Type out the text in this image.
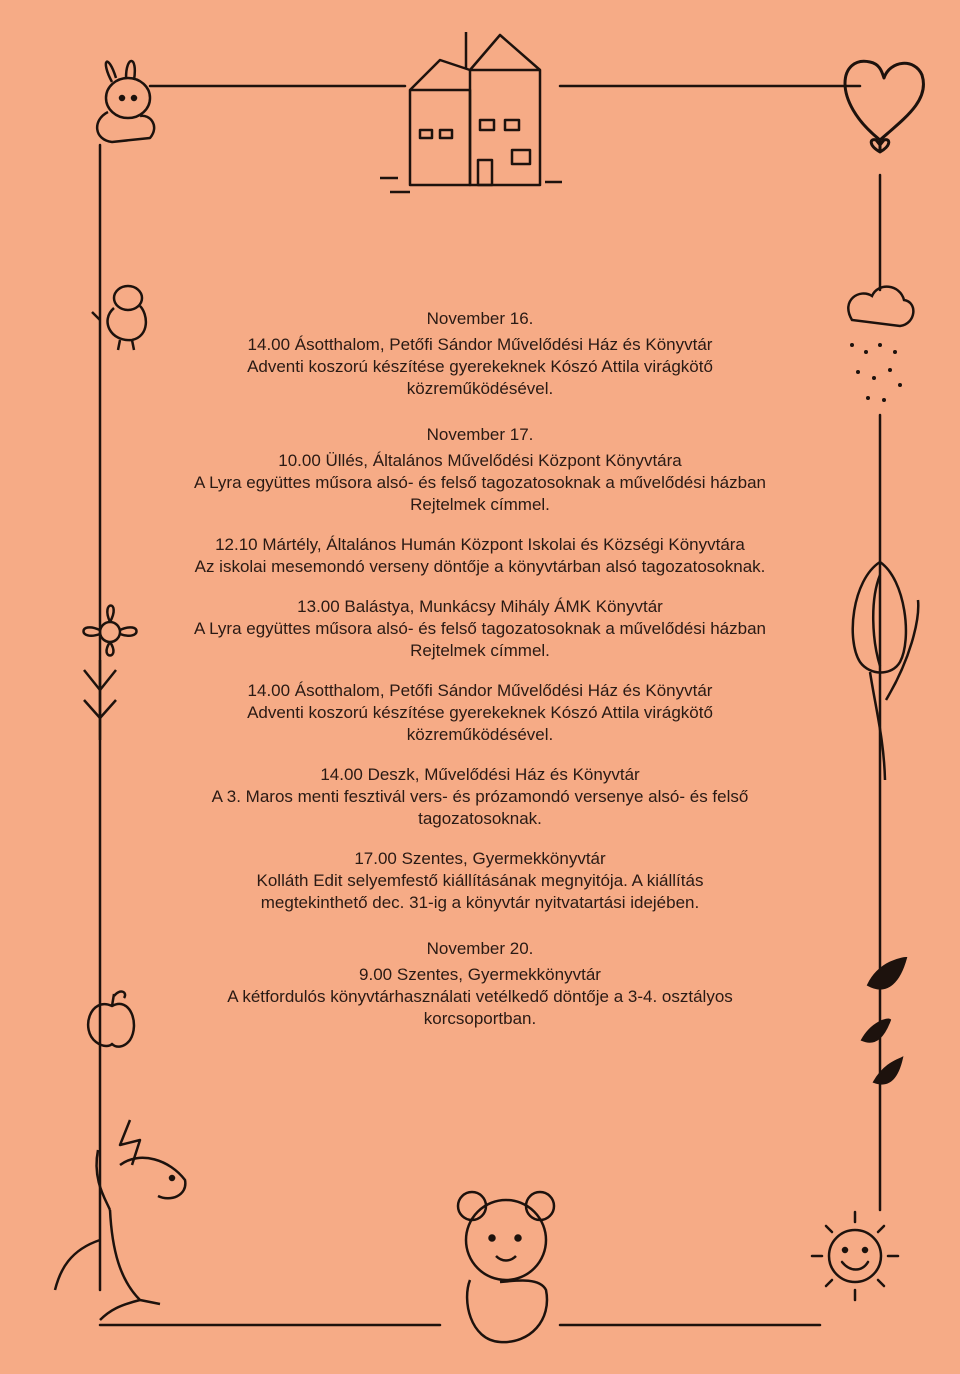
November 16.
14.00 Ásotthalom, Petőfi Sándor Művelődési Ház és Könyvtár
Adventi koszorú készítése gyerekeknek Kószó Attila virágkötő
közreműködésével.
November 17.
10.00 Üllés, Általános Művelődési Központ Könyvtára
A Lyra együttes műsora alsó- és felső tagozatosoknak a művelődési házban
Rejtelmek címmel.
12.10 Mártély, Általános Humán Központ Iskolai és Községi Könyvtára
Az iskolai mesemondó verseny döntője a könyvtárban alsó tagozatosoknak.
13.00 Balástya, Munkácsy Mihály ÁMK Könyvtár
A Lyra együttes műsora alsó- és felső tagozatosoknak a művelődési házban
Rejtelmek címmel.
14.00 Ásotthalom, Petőfi Sándor Művelődési Ház és Könyvtár
Adventi koszorú készítése gyerekeknek Kószó Attila virágkötő
közreműködésével.
14.00 Deszk, Művelődési Ház és Könyvtár
A 3. Maros menti fesztivál vers- és prózamondó versenye alsó- és felső
tagozatosoknak.
17.00 Szentes, Gyermekkönyvtár
Kolláth Edit selyemfestő kiállításának megnyitója. A kiállítás
megtekinthető dec. 31-ig a könyvtár nyitvatartási idejében.
November 20.
9.00 Szentes, Gyermekkönyvtár
A kétfordulós könyvtárhasználati vetélkedő döntője a 3-4. osztályos
korcsoportban.
